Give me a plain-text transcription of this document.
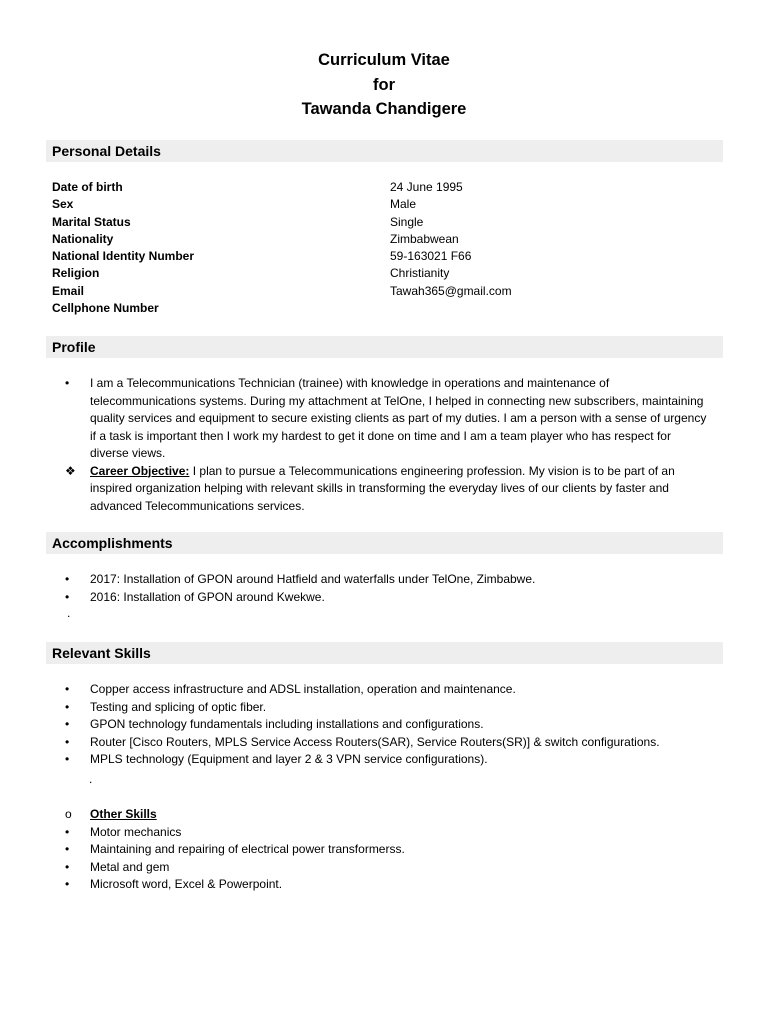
Curriculum Vitae
for
Tawanda Chandigere
Personal Details
Date of birth	24 June 1995
Sex	Male
Marital Status	Single
Nationality	Zimbabwean
National Identity Number	59-163021 F66
Religion	Christianity
Email	Tawah365@gmail.com
Cellphone Number
Profile
• I am a Telecommunications Technician (trainee) with knowledge in operations and maintenance of telecommunications systems. During my attachment at TelOne, I helped in connecting new subscribers, maintaining quality services and equipment to secure existing clients as part of my duties. I am a person with a sense of urgency if a task is important then I work my hardest to get it done on time and I am a team player who has respect for diverse views.
❖ Career Objective: I plan to pursue a Telecommunications engineering profession. My vision is to be part of an inspired organization helping with relevant skills in transforming the everyday lives of our clients by faster and advanced Telecommunications services.
Accomplishments
• 2017: Installation of GPON around Hatfield and waterfalls under TelOne, Zimbabwe.
• 2016: Installation of GPON around Kwekwe.
.
Relevant Skills
• Copper access infrastructure and ADSL installation, operation and maintenance.
• Testing and splicing of optic fiber.
• GPON technology fundamentals including installations and configurations.
• Router [Cisco Routers, MPLS Service Access Routers(SAR), Service Routers(SR)] & switch configurations.
• MPLS technology (Equipment and layer 2 & 3 VPN service configurations).
.
o Other Skills
• Motor mechanics
• Maintaining and repairing of electrical power transformerss.
• Metal and gem
• Microsoft word, Excel & Powerpoint.
